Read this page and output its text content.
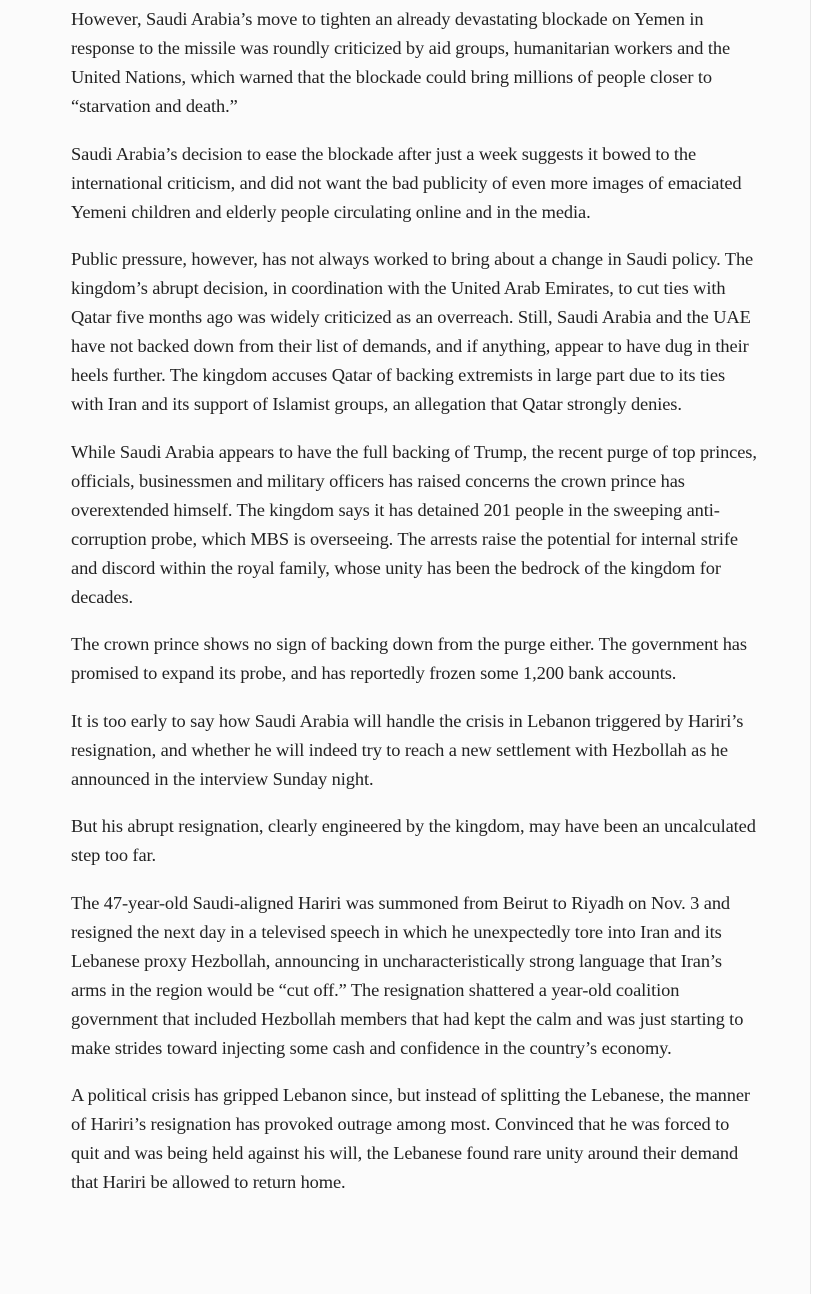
However, Saudi Arabia’s move to tighten an already devastating blockade on Yemen in response to the missile was roundly criticized by aid groups, humanitarian workers and the United Nations, which warned that the blockade could bring millions of people closer to “starvation and death.”

Saudi Arabia’s decision to ease the blockade after just a week suggests it bowed to the international criticism, and did not want the bad publicity of even more images of emaciated Yemeni children and elderly people circulating online and in the media.

Public pressure, however, has not always worked to bring about a change in Saudi policy. The kingdom’s abrupt decision, in coordination with the United Arab Emirates, to cut ties with Qatar five months ago was widely criticized as an overreach. Still, Saudi Arabia and the UAE have not backed down from their list of demands, and if anything, appear to have dug in their heels further. The kingdom accuses Qatar of backing extremists in large part due to its ties with Iran and its support of Islamist groups, an allegation that Qatar strongly denies.

While Saudi Arabia appears to have the full backing of Trump, the recent purge of top princes, officials, businessmen and military officers has raised concerns the crown prince has overextended himself. The kingdom says it has detained 201 people in the sweeping anti-corruption probe, which MBS is overseeing. The arrests raise the potential for internal strife and discord within the royal family, whose unity has been the bedrock of the kingdom for decades.

The crown prince shows no sign of backing down from the purge either. The government has promised to expand its probe, and has reportedly frozen some 1,200 bank accounts.

It is too early to say how Saudi Arabia will handle the crisis in Lebanon triggered by Hariri’s resignation, and whether he will indeed try to reach a new settlement with Hezbollah as he announced in the interview Sunday night.

But his abrupt resignation, clearly engineered by the kingdom, may have been an uncalculated step too far.

The 47-year-old Saudi-aligned Hariri was summoned from Beirut to Riyadh on Nov. 3 and resigned the next day in a televised speech in which he unexpectedly tore into Iran and its Lebanese proxy Hezbollah, announcing in uncharacteristically strong language that Iran’s arms in the region would be “cut off.” The resignation shattered a year-old coalition government that included Hezbollah members that had kept the calm and was just starting to make strides toward injecting some cash and confidence in the country’s economy.

A political crisis has gripped Lebanon since, but instead of splitting the Lebanese, the manner of Hariri’s resignation has provoked outrage among most. Convinced that he was forced to quit and was being held against his will, the Lebanese found rare unity around their demand that Hariri be allowed to return home.
